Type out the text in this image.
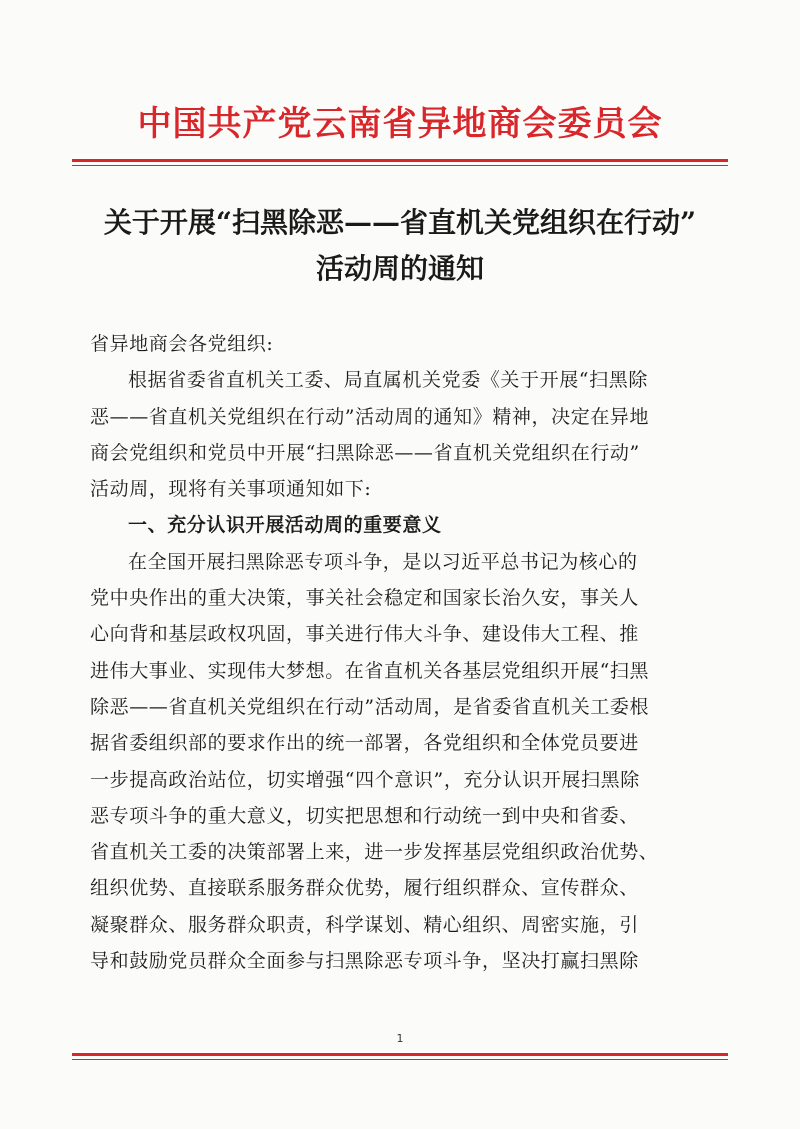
中国共产党云南省异地商会委员会
关于开展“扫黑除恶——省直机关党组织在行动”
活动周的通知

省异地商会各党组织:

根据省委省直机关工委、局直属机关党委《关于开展“扫黑除

恶——省直机关党组织在行动”活动周的通知》精神，决定在异地

商会党组织和党员中开展“扫黑除恶——省直机关党组织在行动”

活动周，现将有关事项通知如下:

一、充分认识开展活动周的重要意义

在全国开展扫黑除恶专项斗争，是以习近平总书记为核心的

党中央作出的重大决策，事关社会稳定和国家长治久安，事关人

心向背和基层政权巩固，事关进行伟大斗争、建设伟大工程、推

进伟大事业、实现伟大梦想。在省直机关各基层党组织开展“扫黑

除恶——省直机关党组织在行动”活动周，是省委省直机关工委根

据省委组织部的要求作出的统一部署，各党组织和全体党员要进

一步提高政治站位，切实增强“四个意识”，充分认识开展扫黑除

恶专项斗争的重大意义，切实把思想和行动统一到中央和省委、

省直机关工委的决策部署上来，进一步发挥基层党组织政治优势、

组织优势、直接联系服务群众优势，履行组织群众、宣传群众、

凝聚群众、服务群众职责，科学谋划、精心组织、周密实施，引

导和鼓励党员群众全面参与扫黑除恶专项斗争，坚决打赢扫黑除

1
